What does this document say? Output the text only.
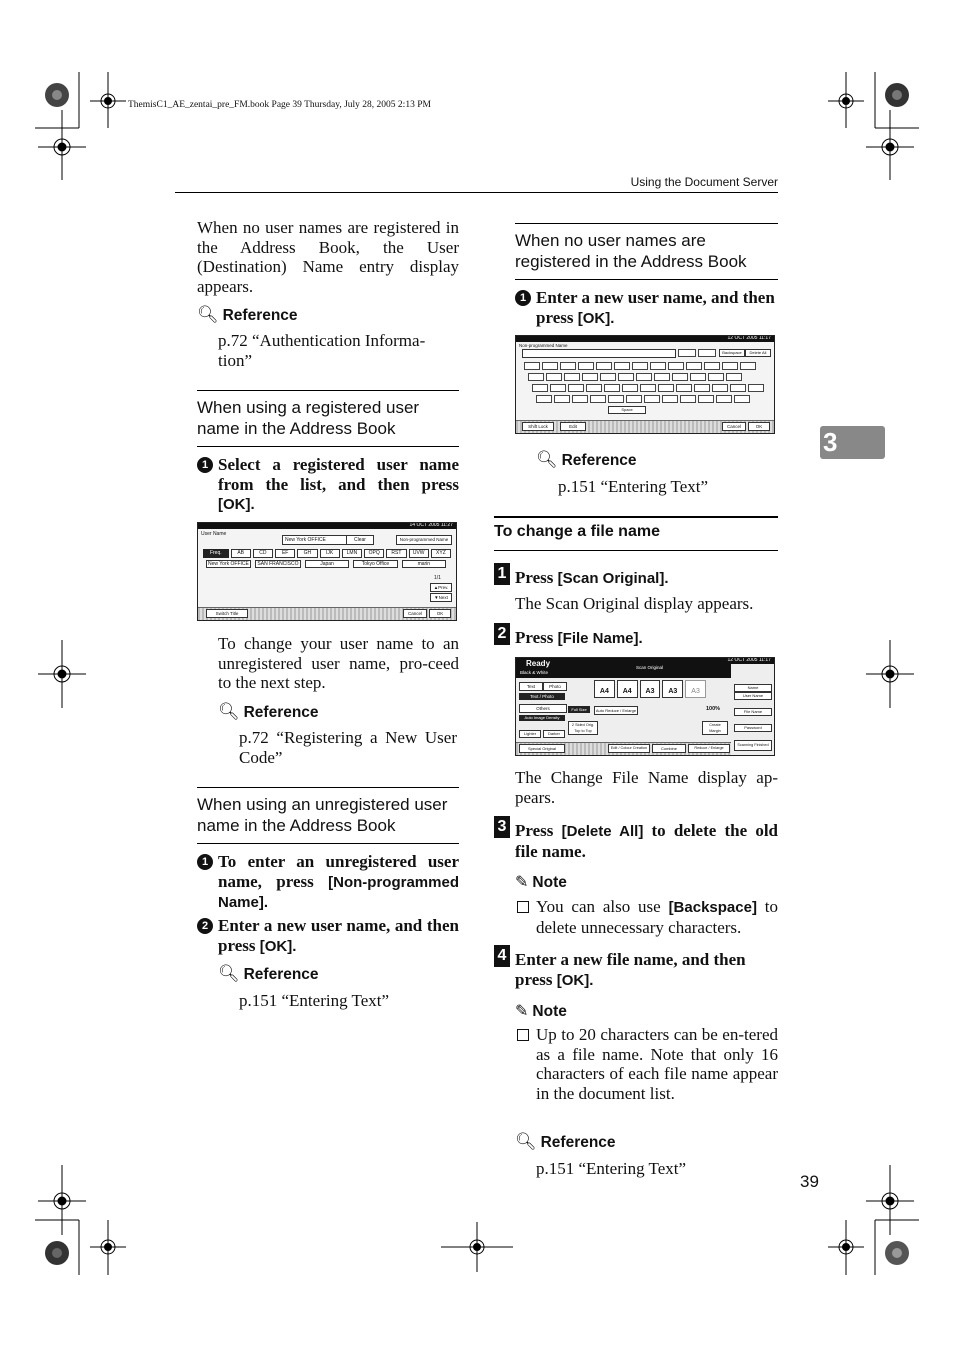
ThemisC1_AE_zentai_pre_FM.book Page 39 Thursday, July 28, 2005 2:13 PM
Using the Document Server
3
When no user names are registered in the Address Book, the User (Destination) Name entry display appears.
🔍︎ Reference
p.72 “Authentication Informa-tion”
When using a registered user name in the Address Book
1 Select a registered user name from the list, and then press [OK].
14 OCT 2005 11:27
User Name
New York OFFICE	Clear	Non-programmed Name
Freq.	AB	CD	EF	GH	IJK	LMN	OPQ	RST	UVW	XYZ
New York OFFICE	SAN FRANCISCO	Japan	Tokyo Office	marin
1/1
▲Prev.
▼Next
Switch Title	Cancel	OK
To change your user name to an unregistered user name, pro-ceed to the next step.
🔍︎ Reference
p.72 “Registering a New User Code”
When using an unregistered user name in the Address Book
1 To enter an unregistered user name, press [Non-programmed Name].
2 Enter a new user name, and then press [OK].
🔍︎ Reference
p.151 “Entering Text”
When no user names are registered in the Address Book
1 Enter a new user name, and then press [OK].
12 OCT 2005 11:17
Non-programmed Name
Backspace	Delete All
Space
Shift Lock	Edit	Cancel	OK
🔍︎ Reference
p.151 “Entering Text”
To change a file name
1 Press [Scan Original].
The Scan Original display appears.
2 Press [File Name].
12 OCT 2005 11:17
Ready
Black & White
Scan Original
Text	Photo
Text / Photo
Others
Auto Image Density
Lighter	Darker
A4	A4	A3	A3	A3
Full Size	Auto Reduce / Enlarge	100%
2 Sided Orig. Top to Top
Create Margin
Name
User Name
File Name
Password
Scanning Finished
Special Original	Edit / Colour Creation	Combine	Reduce / Enlarge
The Change File Name display ap-pears.
3 Press [Delete All] to delete the old file name.
✎ Note
You can also use [Backspace] to delete unnecessary characters.
4 Enter a new file name, and then press [OK].
✎ Note
Up to 20 characters can be en-tered as a file name. Note that only 16 characters of each file name appear in the document list.
🔍︎ Reference
p.151 “Entering Text”
39
